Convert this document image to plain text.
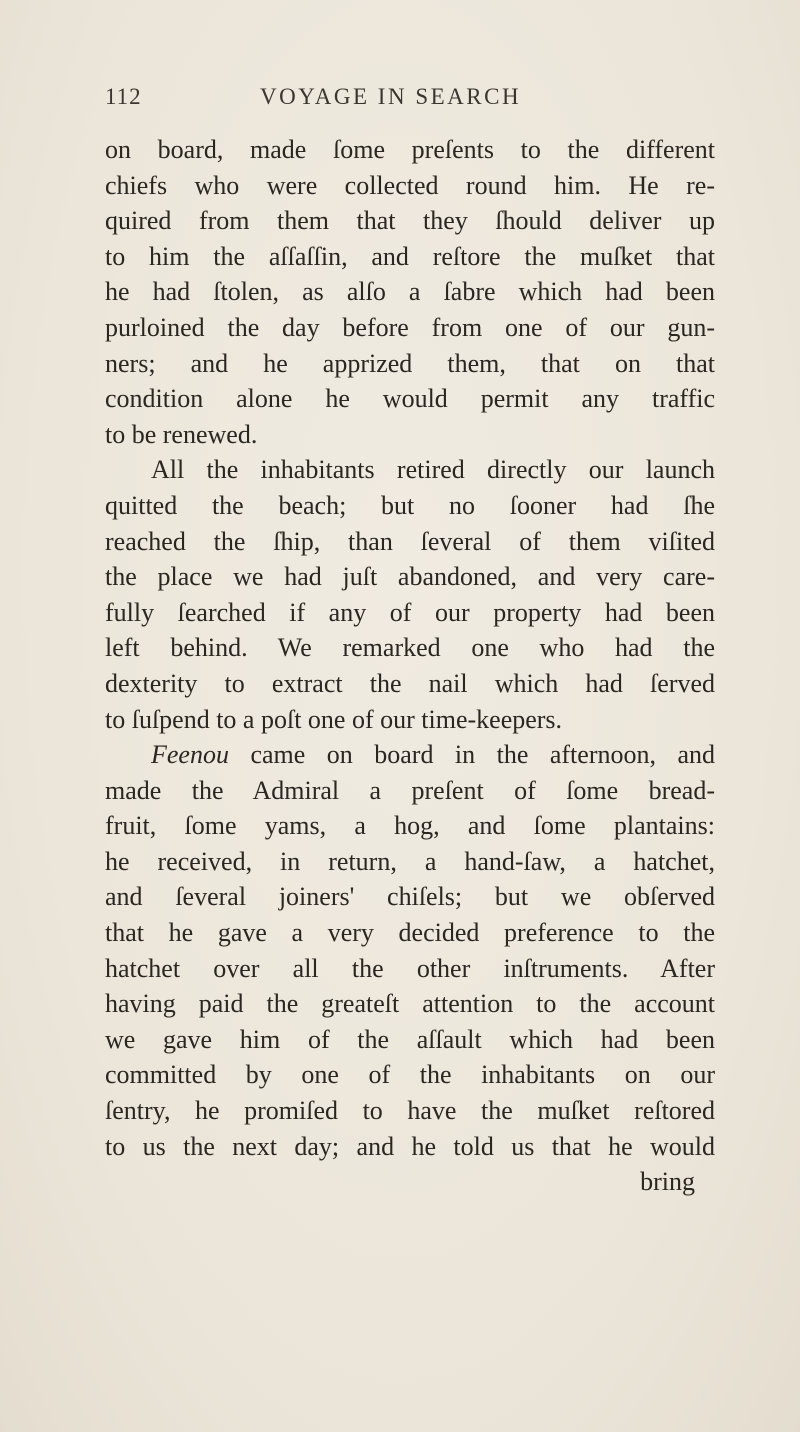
112	VOYAGE IN SEARCH
on board, made ſome preſents to the different
chiefs who were collected round him. He re-
quired from them that they ſhould deliver up
to him the aſſaſſin, and reſtore the muſket that
he had ſtolen, as alſo a ſabre which had been
purloined the day before from one of our gun-
ners; and he apprized them, that on that
condition alone he would permit any traffic
to be renewed.
All the inhabitants retired directly our launch
quitted the beach; but no ſooner had ſhe
reached the ſhip, than ſeveral of them viſited
the place we had juſt abandoned, and very care-
fully ſearched if any of our property had been
left behind. We remarked one who had the
dexterity to extract the nail which had ſerved
to ſuſpend to a poſt one of our time-keepers.
Feenou came on board in the afternoon, and
made the Admiral a preſent of ſome bread-
fruit, ſome yams, a hog, and ſome plantains:
he received, in return, a hand-ſaw, a hatchet,
and ſeveral joiners' chiſels; but we obſerved
that he gave a very decided preference to the
hatchet over all the other inſtruments. After
having paid the greateſt attention to the account
we gave him of the aſſault which had been
committed by one of the inhabitants on our
ſentry, he promiſed to have the muſket reſtored
to us the next day; and he told us that he would
bring
